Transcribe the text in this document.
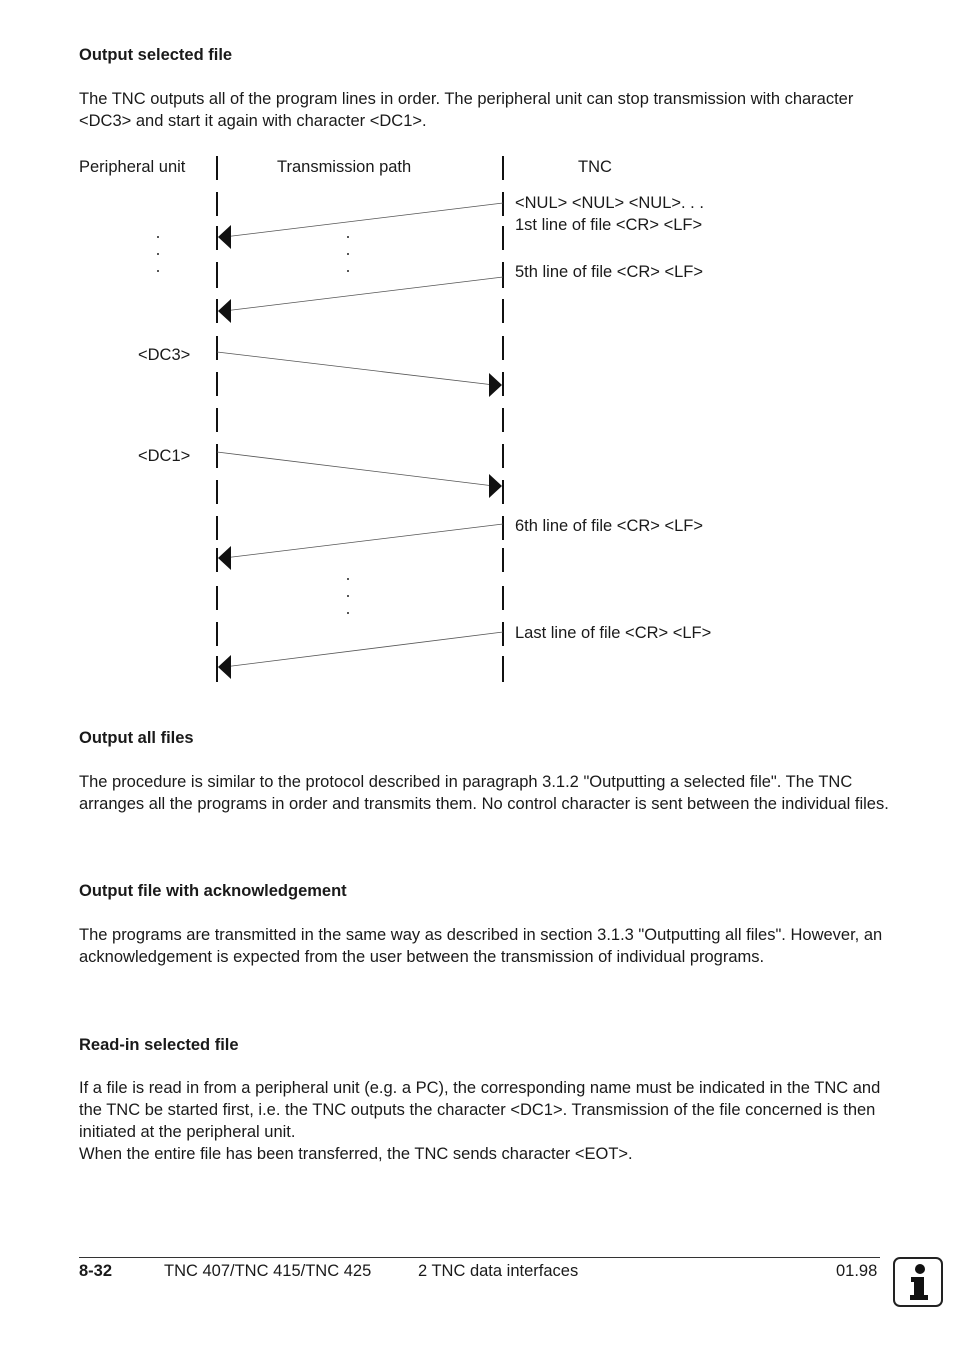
Output selected file

The TNC outputs all of the program lines in order. The peripheral unit can stop transmission with character <DC3> and start it again with character <DC1>.

Peripheral unit	Transmission path	TNC
<NUL> <NUL> <NUL>. . .
1st line of file <CR> <LF>
5th line of file <CR> <LF>
<DC3>
<DC1>
6th line of file <CR> <LF>
Last line of file <CR> <LF>
Output all files

The procedure is similar to the protocol described in paragraph 3.1.2 "Outputting a selected file". The TNC arranges all the programs in order and transmits them. No control character is sent between the individual files.

Output file with acknowledgement

The programs are transmitted in the same way as described in section 3.1.3 "Outputting all files". However, an acknowledgement is expected from the user between the transmission of individual programs.

Read-in selected file

If a file is read in from a peripheral unit (e.g. a PC), the corresponding name must be indicated in the TNC and the TNC be started first, i.e. the TNC outputs the character <DC1>. Transmission of the file concerned is then initiated at the peripheral unit.

When the entire file has been transferred, the TNC sends character <EOT>.

8-32	TNC 407/TNC 415/TNC 425	2 TNC data interfaces	01.98
